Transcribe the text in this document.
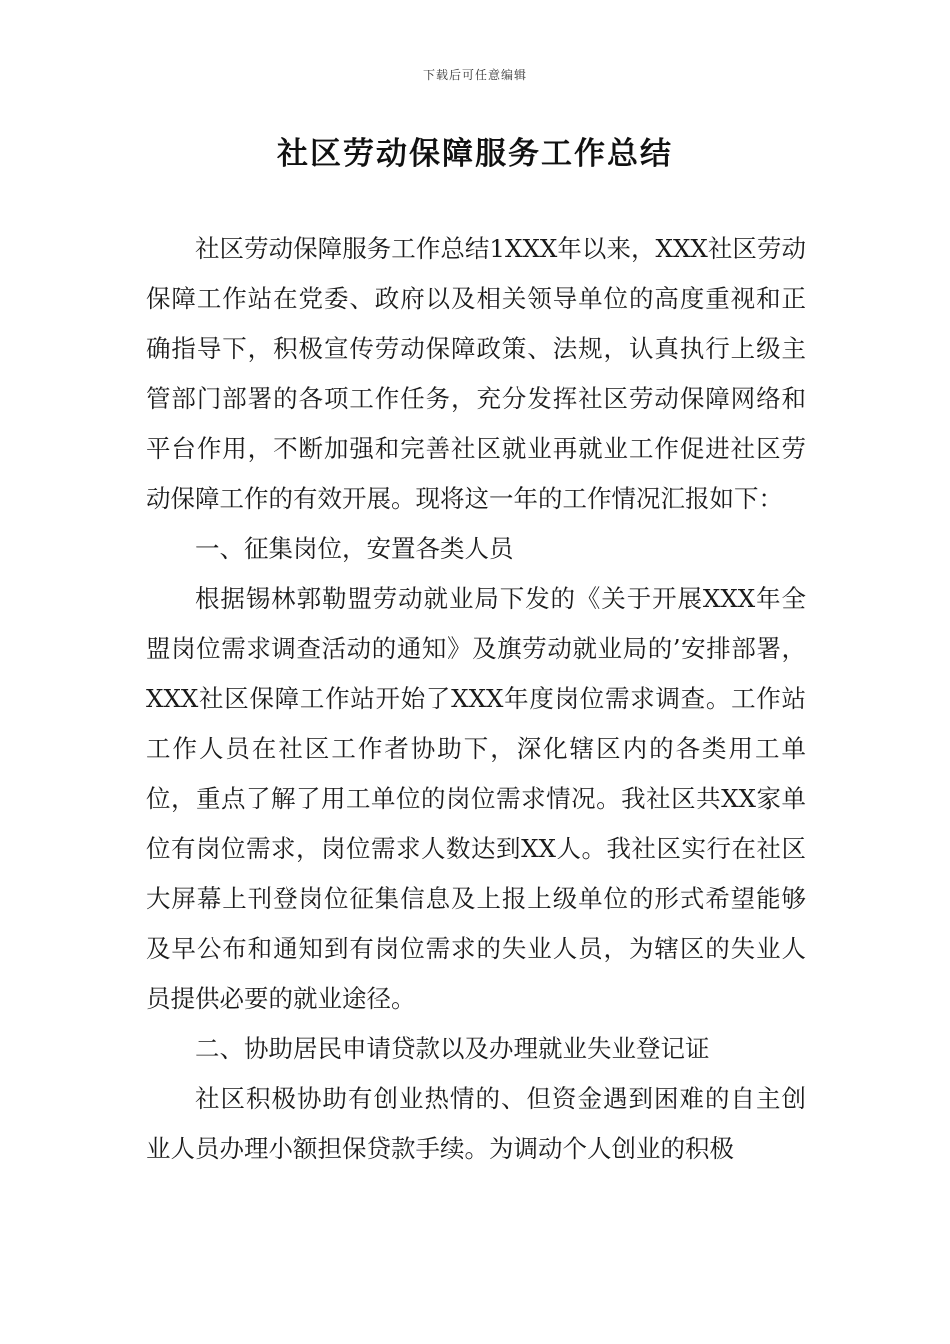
下载后可任意编辑
社区劳动保障服务工作总结

社区劳动保障服务工作总结1XXX年以来，XXX社区劳动保障工作站在党委、政府以及相关领导单位的高度重视和正确指导下，积极宣传劳动保障政策、法规，认真执行上级主管部门部署的各项工作任务，充分发挥社区劳动保障网络和平台作用，不断加强和完善社区就业再就业工作促进社区劳动保障工作的有效开展。现将这一年的工作情况汇报如下：

一、征集岗位，安置各类人员

根据锡林郭勒盟劳动就业局下发的《关于开展XXX年全盟岗位需求调查活动的通知》及旗劳动就业局的’安排部署，XXX社区保障工作站开始了XXX年度岗位需求调查。工作站工作人员在社区工作者协助下，深化辖区内的各类用工单位，重点了解了用工单位的岗位需求情况。我社区共XX家单位有岗位需求，岗位需求人数达到XX人。我社区实行在社区大屏幕上刊登岗位征集信息及上报上级单位的形式希望能够及早公布和通知到有岗位需求的失业人员，为辖区的失业人员提供必要的就业途径。

二、协助居民申请贷款以及办理就业失业登记证

社区积极协助有创业热情的、但资金遇到困难的自主创业人员办理小额担保贷款手续。为调动个人创业的积极
